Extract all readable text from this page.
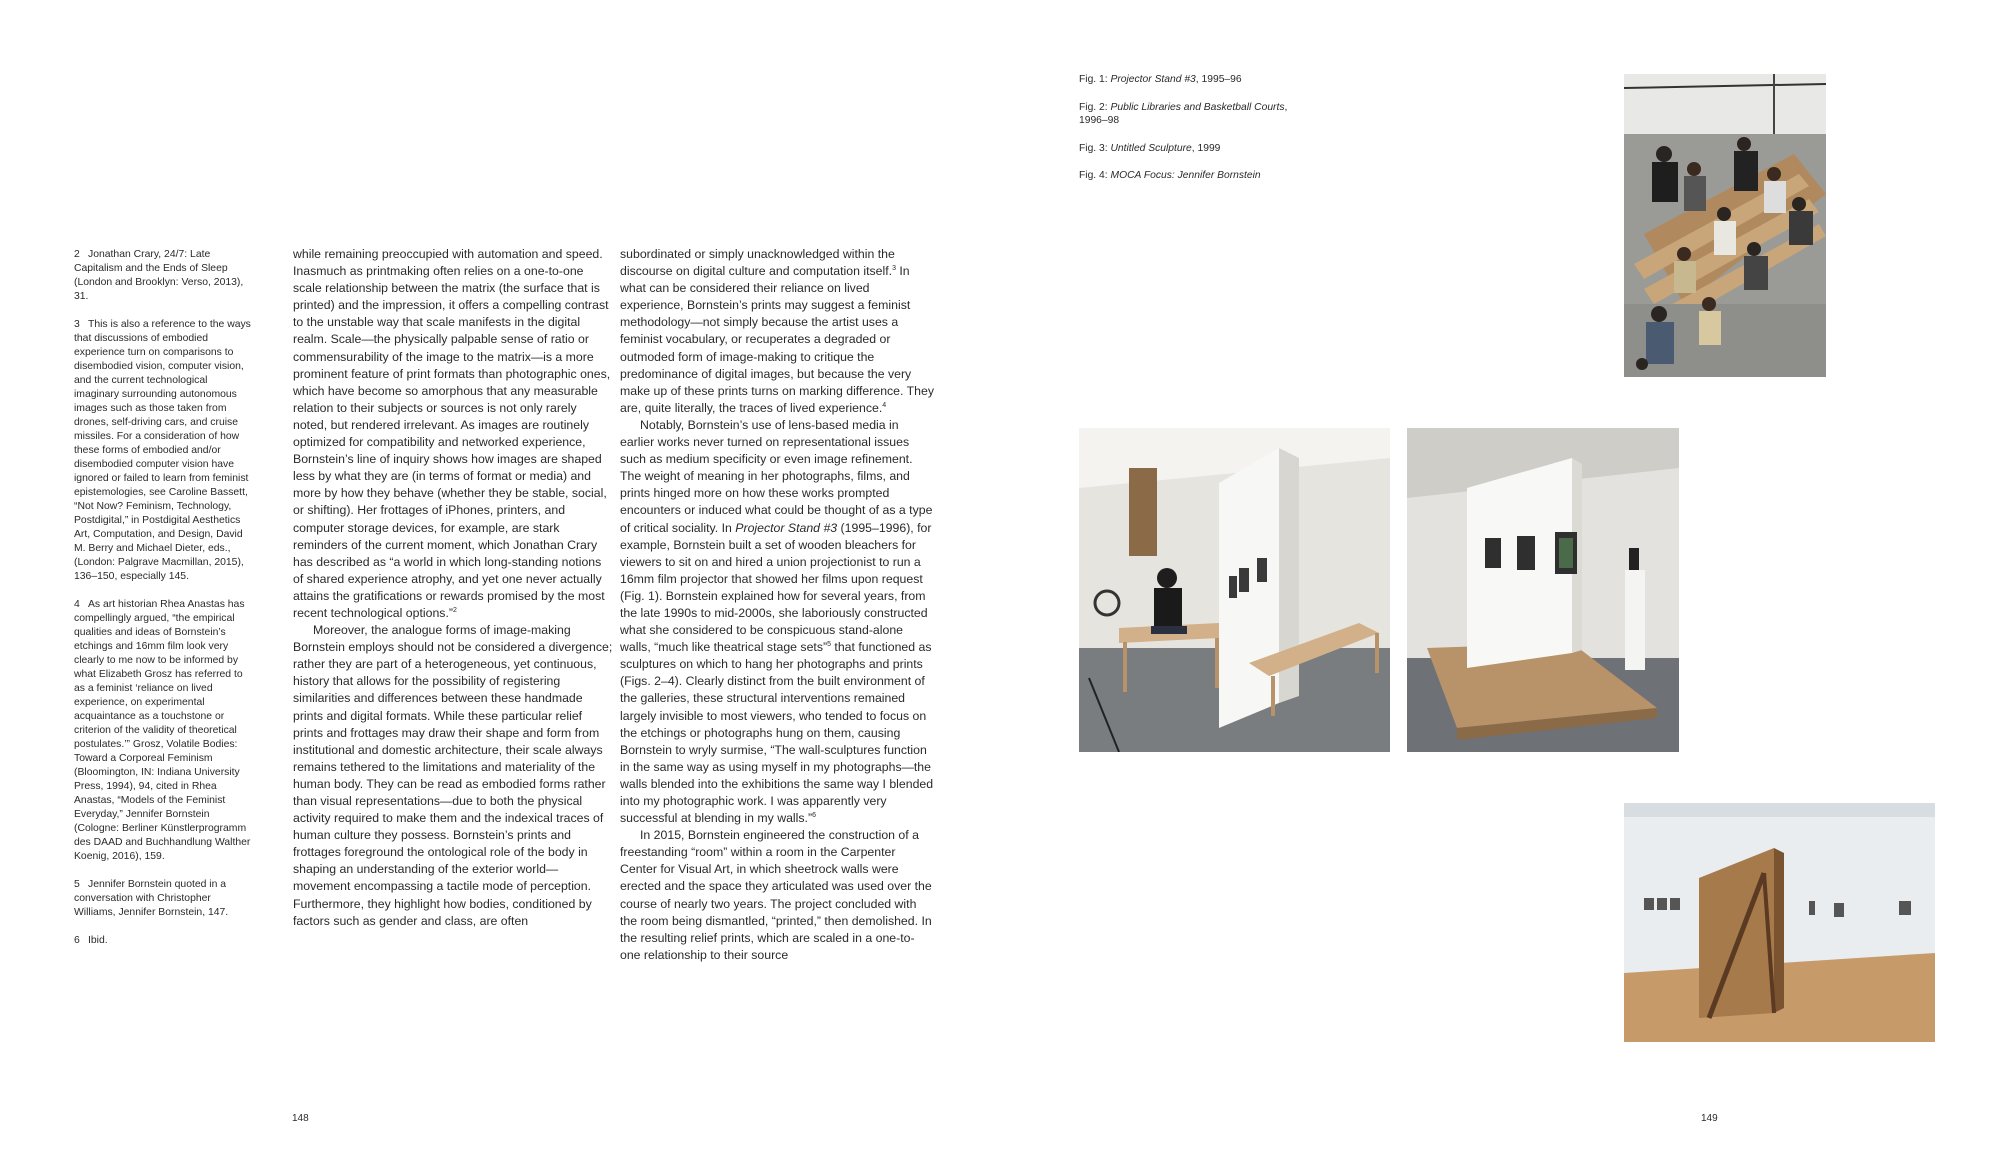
2 Jonathan Crary, 24/7: Late Capitalism and the Ends of Sleep (London and Brooklyn: Verso, 2013), 31.
3 This is also a reference to the ways that discussions of embodied experience turn on comparisons to disembodied vision, computer vision, and the current technological imaginary surrounding autonomous images such as those taken from drones, self-driving cars, and cruise missiles. For a consideration of how these forms of embodied and/or disembodied computer vision have ignored or failed to learn from feminist epistemologies, see Caroline Bassett, “Not Now? Feminism, Technology, Postdigital,” in Postdigital Aesthetics Art, Computation, and Design, David M. Berry and Michael Dieter, eds., (London: Palgrave Macmillan, 2015), 136–150, especially 145.
4 As art historian Rhea Anastas has compellingly argued, “the empirical qualities and ideas of Bornstein’s etchings and 16mm film look very clearly to me now to be informed by what Elizabeth Grosz has referred to as a feminist ‘reliance on lived experience, on experimental acquaintance as a touchstone or criterion of the validity of theoretical postulates.’” Grosz, Volatile Bodies: Toward a Corporeal Feminism (Bloomington, IN: Indiana University Press, 1994), 94, cited in Rhea Anastas, “Models of the Feminist Everyday,” Jennifer Bornstein (Cologne: Berliner Künstlerprogramm des DAAD and Buchhandlung Walther Koenig, 2016), 159.
5 Jennifer Bornstein quoted in a conversation with Christopher Williams, Jennifer Bornstein, 147.
6 Ibid.

while remaining preoccupied with automation and speed. Inasmuch as printmaking often relies on a one-to-one scale relationship between the matrix (the surface that is printed) and the impression, it offers a compelling contrast to the unstable way that scale manifests in the digital realm. Scale—the physically palpable sense of ratio or commensurability of the image to the matrix—is a more prominent feature of print formats than photographic ones, which have become so amorphous that any measurable relation to their subjects or sources is not only rarely noted, but rendered irrelevant. As images are routinely optimized for compatibility and networked experience, Bornstein’s line of inquiry shows how images are shaped less by what they are (in terms of format or media) and more by how they behave (whether they be stable, social, or shifting). Her frottages of iPhones, printers, and computer storage devices, for example, are stark reminders of the current moment, which Jonathan Crary has described as “a world in which long-standing notions of shared experience atrophy, and yet one never actually attains the gratifications or rewards promised by the most recent technological options.”$^2$

Moreover, the analogue forms of image-making Bornstein employs should not be considered a divergence; rather they are part of a heterogeneous, yet continuous, history that allows for the possibility of registering similarities and differences between these handmade prints and digital formats. While these particular relief prints and frottages may draw their shape and form from institutional and domestic architecture, their scale always remains tethered to the limitations and materiality of the human body. They can be read as embodied forms rather than visual representations—due to both the physical activity required to make them and the indexical traces of human culture they possess. Bornstein’s prints and frottages foreground the ontological role of the body in shaping an understanding of the exterior world—movement encompassing a tactile mode of perception. Furthermore, they highlight how bodies, conditioned by factors such as gender and class, are often

subordinated or simply unacknowledged within the discourse on digital culture and computation itself.$^3$ In what can be considered their reliance on lived experience, Bornstein’s prints may suggest a feminist methodology—not simply because the artist uses a feminist vocabulary, or recuperates a degraded or outmoded form of image-making to critique the predominance of digital images, but because the very make up of these prints turns on marking difference. They are, quite literally, the traces of lived experience.$^4$

Notably, Bornstein’s use of lens-based media in earlier works never turned on representational issues such as medium specificity or even image refinement. The weight of meaning in her photographs, films, and prints hinged more on how these works prompted encounters or induced what could be thought of as a type of critical sociality. In Projector Stand #3 (1995–1996), for example, Bornstein built a set of wooden bleachers for viewers to sit on and hired a union projectionist to run a 16mm film projector that showed her films upon request (Fig. 1). Bornstein explained how for several years, from the late 1990s to mid-2000s, she laboriously constructed what she considered to be conspicuous stand-alone walls, “much like theatrical stage sets”$^5$ that functioned as sculptures on which to hang her photographs and prints (Figs. 2–4). Clearly distinct from the built environment of the galleries, these structural interventions remained largely invisible to most viewers, who tended to focus on the etchings or photographs hung on them, causing Bornstein to wryly surmise, “The wall-sculptures function in the same way as using myself in my photographs—the walls blended into the exhibitions the same way I blended into my photographic work. I was apparently very successful at blending in my walls.”$^6$

In 2015, Bornstein engineered the construction of a freestanding “room” within a room in the Carpenter Center for Visual Art, in which sheetrock walls were erected and the space they articulated was used over the course of nearly two years. The project concluded with the room being dismantled, “printed,” then demolished. In the resulting relief prints, which are scaled in a one-to-one relationship to their source

Fig. 1: Projector Stand #3, 1995–96
Fig. 2: Public Libraries and Basketball Courts, 1996–98
Fig. 3: Untitled Sculpture, 1999
Fig. 4: MOCA Focus: Jennifer Bornstein
148	149
